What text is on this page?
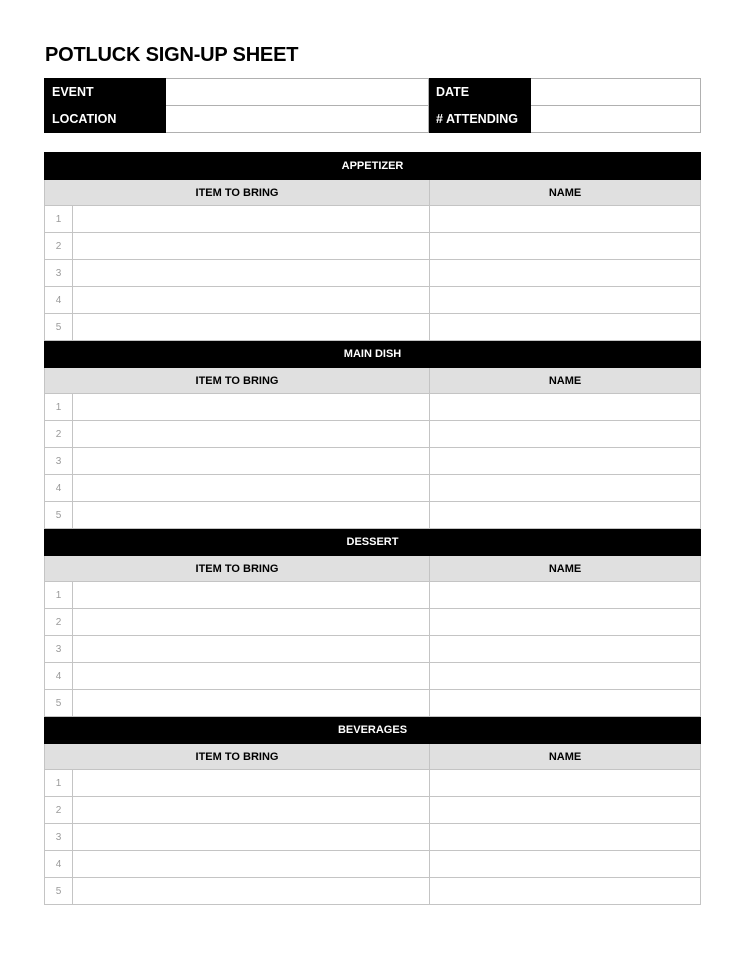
POTLUCK SIGN-UP SHEET
EVENT		DATE	
LOCATION		# ATTENDING	
APPETIZER		
ITEM TO BRING		NAME
1		
2		
3		
4		
5		
MAIN DISH		
ITEM TO BRING		NAME
1		
2		
3		
4		
5		
DESSERT		
ITEM TO BRING		NAME
1		
2		
3		
4		
5		
BEVERAGES		
ITEM TO BRING		NAME
1		
2		
3		
4		
5		
